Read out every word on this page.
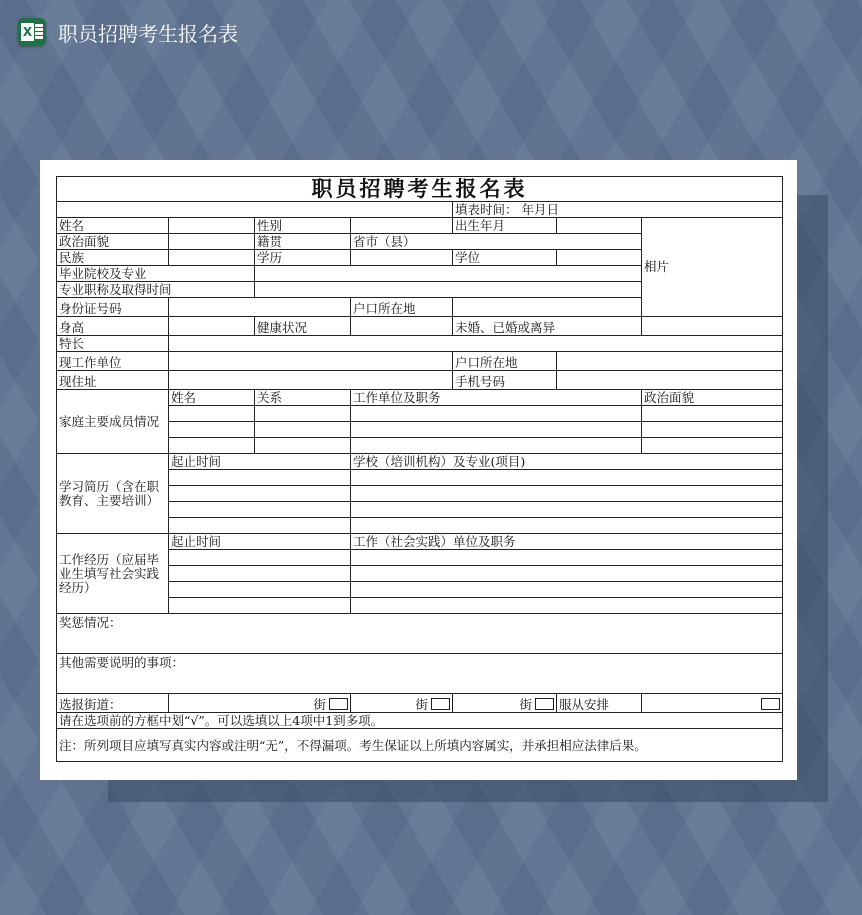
X 职员招聘考生报名表
职员招聘考生报名表						
				填表时间： 年月日		
姓名		性别		出生年月		相片
政治面貌		籍贯	省市（县）			
民族		学历		学位		
毕业院校及专业						
专业职称及取得时间						
身份证号码			户口所在地			
身高		健康状况		未婚、已婚或离异		
特长						
现工作单位				户口所在地		
现住址				手机号码		
家庭主要成员情况	姓名	关系	工作单位及职务			政治面貌

学习简历（含在职教育、主要培训）	起止时间		学校（培训机构）及专业(项目)			

工作经历（应届毕业生填写社会实践经历）	起止时间		工作（社会实践）单位及职务			

奖惩情况：						
其他需要说明的事项：						
选报街道：	街		街	街	服从安排	
请在选项前的方框中划“√”。可以选填以上4项中1到多项。						
注：所列项目应填写真实内容或注明“无”，不得漏项。考生保证以上所填内容属实，并承担相应法律后果。						
